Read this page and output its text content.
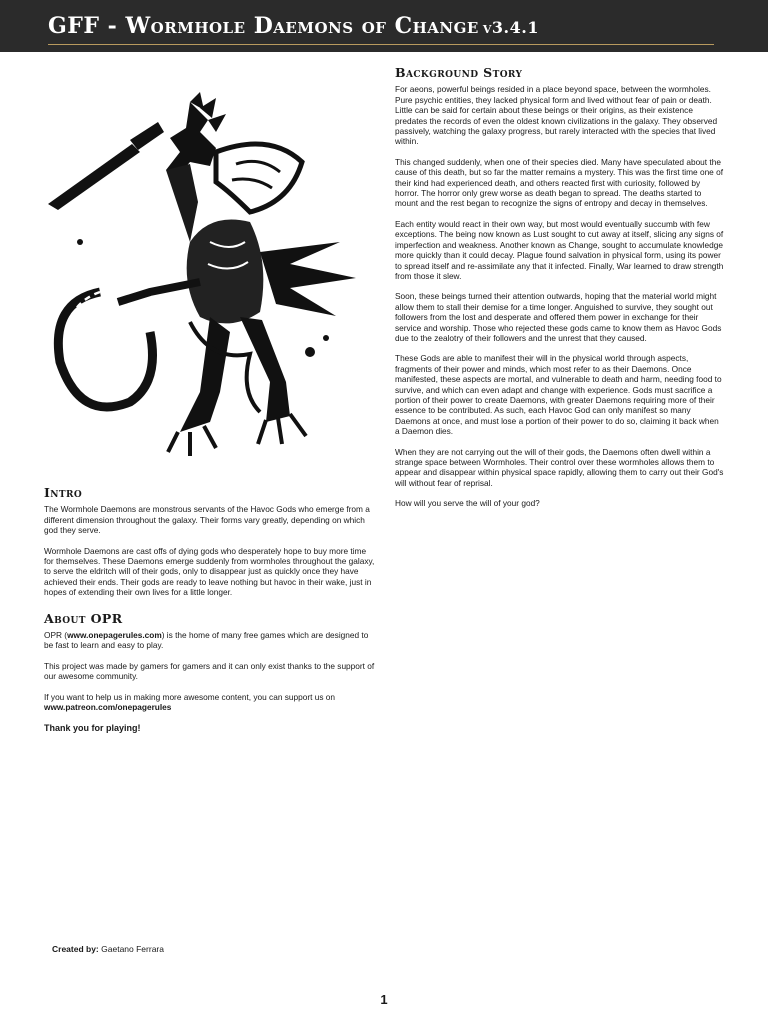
GFF - Wormhole Daemons of Change v3.4.1
Intro

The Wormhole Daemons are monstrous servants of the Havoc Gods who emerge from a different dimension throughout the galaxy. Their forms vary greatly, depending on which god they serve.

Wormhole Daemons are cast offs of dying gods who desperately hope to buy more time for themselves. These Daemons emerge suddenly from wormholes throughout the galaxy, to serve the eldritch will of their gods, only to disappear just as quickly once they have achieved their ends. Their gods are ready to leave nothing but havoc in their wake, just in hopes of extending their own lives for a little longer.

About OPR

OPR (www.onepagerules.com) is the home of many free games which are designed to be fast to learn and easy to play.

This project was made by gamers for gamers and it can only exist thanks to the support of our awesome community.

If you want to help us in making more awesome content, you can support us on www.patreon.com/onepagerules

Thank you for playing!

Background Story

For aeons, powerful beings resided in a place beyond space, between the wormholes. Pure psychic entities, they lacked physical form and lived without fear of pain or death. Little can be said for certain about these beings or their origins, as their existence predates the records of even the oldest known civilizations in the galaxy. They observed passively, watching the galaxy progress, but rarely interacted with the species that lived within.

This changed suddenly, when one of their species died. Many have speculated about the cause of this death, but so far the matter remains a mystery. This was the first time one of their kind had experienced death, and others reacted first with curiosity, followed by horror. The horror only grew worse as death began to spread. The deaths started to mount and the rest began to recognize the signs of entropy and decay in themselves.

Each entity would react in their own way, but most would eventually succumb with few exceptions. The being now known as Lust sought to cut away at itself, slicing any signs of imperfection and weakness. Another known as Change, sought to accumulate knowledge more quickly than it could decay. Plague found salvation in physical form, using its power to spread itself and re-assimilate any that it infected. Finally, War learned to draw strength from those it slew.

Soon, these beings turned their attention outwards, hoping that the material world might allow them to stall their demise for a time longer. Anguished to survive, they sought out followers from the lost and desperate and offered them power in exchange for their service and worship. Those who rejected these gods came to know them as Havoc Gods due to the zealotry of their followers and the unrest that they caused.

These Gods are able to manifest their will in the physical world through aspects, fragments of their power and minds, which most refer to as their Daemons. Once manifested, these aspects are mortal, and vulnerable to death and harm, needing food to survive, and which can even adapt and change with experience. Gods must sacrifice a portion of their power to create Daemons, with greater Daemons requiring more of their essence to be contributed. As such, each Havoc God can only manifest so many Daemons at once, and must lose a portion of their power to do so, claiming it back when a Daemon dies.

When they are not carrying out the will of their gods, the Daemons often dwell within a strange space between Wormholes. Their control over these wormholes allows them to appear and disappear within physical space rapidly, allowing them to carry out their God's will without fear of reprisal.

How will you serve the will of your god?

Created by: Gaetano Ferrara
1
